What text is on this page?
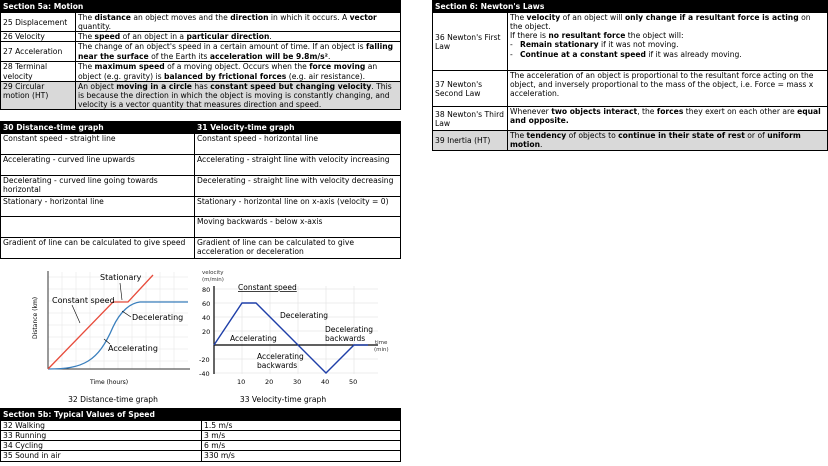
Section 5a: Motion	
25 Displacement	The distance an object moves and the direction in which it occurs. A vector quantity.
26 Velocity	The speed of an object in a particular direction.
27 Acceleration	The change of an object's speed in a certain amount of time. If an object is falling near the surface of the Earth its acceleration will be 9.8m/s².
28 Terminal velocity	The maximum speed of a moving object. Occurs when the force moving an object (e.g. gravity) is balanced by frictional forces (e.g. air resistance).
29 Circular motion (HT)	An object moving in a circle has constant speed but changing velocity. This is because the direction in which the object is moving is constantly changing, and velocity is a vector quantity that measures direction and speed.
30 Distance-time graph	31 Velocity-time graph
Constant speed - straight line	Constant speed - horizontal line
Accelerating - curved line upwards	Accelerating - straight line with velocity increasing
Decelerating - curved line going towards horizontal	Decelerating - straight line with velocity decreasing
Stationary - horizontal line	Stationary - horizontal line on x-axis (velocity = 0)
	Moving backwards - below x-axis
Gradient of line can be calculated to give speed	Gradient of line can be calculated to give acceleration or deceleration
Stationary
Constant speed
Decelerating
Accelerating
Time (hours)
Distance (km)
32 Distance-time graph
velocity
(m/min)
80
60
40
20
-20
-40
10	20	30	40	50
time
(min)
Constant speed
Decelerating
Accelerating
Decelerating
backwards
Accelerating
backwards
33 Velocity-time graph
Section 5b: Typical Values of Speed	
32 Walking	1.5 m/s
33 Running	3 m/s
34 Cycling	6 m/s
35 Sound in air	330 m/s
Section 6: Newton's Laws	
36 Newton's First Law	The velocity of an object will only change if a resultant force is acting on the object.
If there is no resultant force the object will:
-   Remain stationary if it was not moving.
-   Continue at a constant speed if it was already moving.

37 Newton's Second Law	The acceleration of an object is proportional to the resultant force acting on the object, and inversely proportional to the mass of the object, i.e. Force = mass x acceleration.
38 Newton's Third Law	Whenever two objects interact, the forces they exert on each other are equal and opposite.
39 Inertia (HT)	The tendency of objects to continue in their state of rest or of uniform motion.
